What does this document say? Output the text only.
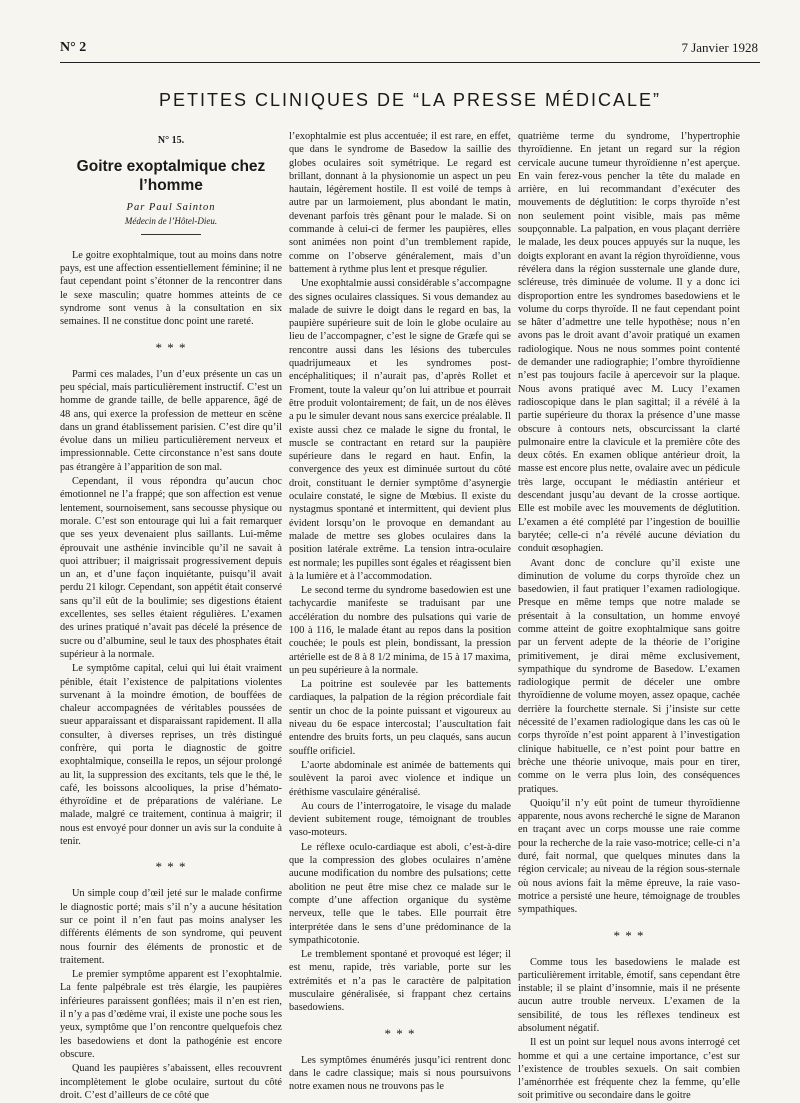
N° 2	7 Janvier 1928
PETITES CLINIQUES DE “LA PRESSE MÉDICALE”
N° 15.
Goitre exoptalmique chez l’homme
Par Paul Sainton
Médecin de l’Hôtel-Dieu.

Le goitre exophtalmique, tout au moins dans notre pays, est une affection essentiellement féminine; il ne faut cependant point s’étonner de la rencontrer dans le sexe masculin; quatre hommes atteints de ce syndrome sont venus à la consultation en six semaines. Il ne constitue donc point une rareté.

* * *

Parmi ces malades, l’un d’eux présente un cas un peu spécial, mais particulièrement instructif. C’est un homme de grande taille, de belle apparence, âgé de 48 ans, qui exerce la profession de metteur en scène dans un grand établissement parisien. C’est dire qu’il évolue dans un milieu particulièrement nerveux et impressionnable. Cette circonstance n’est sans doute pas étrangère à l’apparition de son mal.

Cependant, il vous répondra qu’aucun choc émotionnel ne l’a frappé; que son affection est venue lentement, sournoisement, sans secousse physique ou morale. C’est son entourage qui lui a fait remarquer que ses yeux devenaient plus saillants. Lui-même éprouvait une asthénie invincible qu’il ne savait à quoi attribuer; il maigrissait progressivement depuis un an, et d’une façon inquiétante, puisqu’il avait perdu 21 kilogr. Cependant, son appétit était conservé sans qu’il eût de la boulimie; ses digestions étaient excellentes, ses selles étaient régulières. L’examen des urines pratiqué n’avait pas décelé la présence de sucre ou d’albumine, seul le taux des phosphates était supérieur à la normale.

Le symptôme capital, celui qui lui était vraiment pénible, était l’existence de palpitations violentes survenant à la moindre émotion, de bouffées de chaleur accompagnées de véritables poussées de sueur apparaissant et disparaissant rapidement. Il alla consulter, à diverses reprises, un très distingué confrère, qui porta le diagnostic de goitre exophtalmique, conseilla le repos, un séjour prolongé au lit, la suppression des excitants, tels que le thé, le café, les boissons alcooliques, la prise d’hémato-éthyroïdine et de préparations de valériane. Le malade, malgré ce traitement, continua à maigrir; il nous est envoyé pour donner un avis sur la conduite à tenir.

* * *

Un simple coup d’œil jeté sur le malade confirme le diagnostic porté; mais s’il n’y a aucune hésitation sur ce point il n’en faut pas moins analyser les différents éléments de son syndrome, qui peuvent nous fournir des éléments de pronostic et de traitement.

Le premier symptôme apparent est l’exophtalmie. La fente palpébrale est très élargie, les paupières inférieures paraissent gonflées; mais il n’en est rien, il n’y a pas d’œdème vrai, il existe une poche sous les yeux, symptôme que l’on rencontre quelquefois chez les basedowiens et dont la pathogénie est encore obscure.

Quand les paupières s’abaissent, elles recouvrent incomplètement le globe oculaire, surtout du côté droit. C’est d’ailleurs de ce côté que

l’exophtalmie est plus accentuée; il est rare, en effet, que dans le syndrome de Basedow la saillie des globes oculaires soit symétrique. Le regard est brillant, donnant à la physionomie un aspect un peu hautain, légèrement hostile. Il est voilé de temps à autre par un larmoiement, plus abondant le matin, devenant parfois très gênant pour le malade. Si on commande à celui-ci de fermer les paupières, elles sont animées non point d’un tremblement rapide, comme on l’observe généralement, mais d’un battement à rythme plus lent et presque régulier.

Une exophtalmie aussi considérable s’accompagne des signes oculaires classiques. Si vous demandez au malade de suivre le doigt dans le regard en bas, la paupière supérieure suit de loin le globe oculaire au lieu de l’accompagner, c’est le signe de Græfe qui se rencontre aussi dans les lésions des tubercules quadrijumeaux et les syndromes post-encéphalitiques; il n’aurait pas, d’après Rollet et Froment, toute la valeur qu’on lui attribue et pourrait être produit volontairement; de fait, un de nos élèves a pu le simuler devant nous sans exercice préalable. Il existe aussi chez ce malade le signe du frontal, le muscle se contractant en retard sur la paupière supérieure dans le regard en haut. Enfin, la convergence des yeux est diminuée surtout du côté droit, constituant le dernier symptôme d’asynergie oculaire constaté, le signe de Mœbius. Il existe du nystagmus spontané et intermittent, qui devient plus évident lorsqu’on le provoque en demandant au malade de mettre ses globes oculaires dans la position latérale extrême. La tension intra-oculaire est normale; les pupilles sont égales et réagissent bien à la lumière et à l’accommodation.

Le second terme du syndrome basedowien est une tachycardie manifeste se traduisant par une accélération du nombre des pulsations qui varie de 100 à 116, le malade étant au repos dans la position couchée; le pouls est plein, bondissant, la pression artérielle est de 8 à 8 1/2 minima, de 15 à 17 maxima, un peu supérieure à la normale.

La poitrine est soulevée par les battements cardiaques, la palpation de la région précordiale fait sentir un choc de la pointe puissant et vigoureux au niveau du 6e espace intercostal; l’auscultation fait entendre des bruits forts, un peu claqués, sans aucun souffle orificiel.

L’aorte abdominale est animée de battements qui soulèvent la paroi avec violence et indique un éréthisme vasculaire généralisé.

Au cours de l’interrogatoire, le visage du malade devient subitement rouge, témoignant de troubles vaso-moteurs.

Le réflexe oculo-cardiaque est aboli, c’est-à-dire que la compression des globes oculaires n’amène aucune modification du nombre des pulsations; cette abolition ne peut être mise chez ce malade sur le compte d’une affection organique du système nerveux, telle que le tabes. Elle pourrait être interprétée dans le sens d’une prédominance de la sympathicotonie.

Le tremblement spontané et provoqué est léger; il est menu, rapide, très variable, porte sur les extrémités et n’a pas le caractère de palpitation musculaire généralisée, si frappant chez certains basedowiens.

* * *

Les symptômes énumérés jusqu’ici rentrent donc dans le cadre classique; mais si nous poursuivons notre examen nous ne trouvons pas le

quatrième terme du syndrome, l’hypertrophie thyroïdienne. En jetant un regard sur la région cervicale aucune tumeur thyroïdienne n’est aperçue. En vain ferez-vous pencher la tête du malade en arrière, en lui recommandant d’exécuter des mouvements de déglutition: le corps thyroïde n’est non seulement point visible, mais pas même soupçonnable. La palpation, en vous plaçant derrière le malade, les deux pouces appuyés sur la nuque, les doigts explorant en avant la région thyroïdienne, vous révélera dans la région sussternale une glande dure, scléreuse, très diminuée de volume. Il y a donc ici disproportion entre les syndromes basedowiens et le volume du corps thyroïde. Il ne faut cependant point se hâter d’admettre une telle hypothèse; nous n’en avons pas le droit avant d’avoir pratiqué un examen radiologique. Nous ne nous sommes point contenté de demander une radiographie; l’ombre thyroïdienne n’est pas toujours facile à apercevoir sur la plaque. Nous avons pratiqué avec M. Lucy l’examen radioscopique dans le plan sagittal; il a révélé à la partie supérieure du thorax la présence d’une masse obscure à contours nets, obscurcissant la clarté pulmonaire entre la clavicule et la première côte des deux côtés. En examen oblique antérieur droit, la masse est encore plus nette, ovalaire avec un pédicule très large, occupant le médiastin antérieur et descendant jusqu’au devant de la crosse aortique. Elle est mobile avec les mouvements de déglutition. L’examen a été complété par l’ingestion de bouillie barytée; celle-ci n’a révélé aucune déviation du conduit œsophagien.

Avant donc de conclure qu’il existe une diminution de volume du corps thyroïde chez un basedowien, il faut pratiquer l’examen radiologique. Presque en même temps que notre malade se présentait à la consultation, un homme envoyé comme atteint de goitre exophtalmique sans goitre par un fervent adepte de la théorie de l’origine primitivement, je dirai même exclusivement, sympathique du syndrome de Basedow. L’examen radiologique permit de déceler une ombre thyroïdienne de volume moyen, assez opaque, cachée derrière la fourchette sternale. Si j’insiste sur cette nécessité de l’examen radiologique dans les cas où le corps thyroïde n’est point apparent à l’investigation clinique habituelle, ce n’est point pour battre en brèche une théorie univoque, mais pour en tirer, comme on le verra plus loin, des conséquences pratiques.

Quoiqu’il n’y eût point de tumeur thyroïdienne apparente, nous avons recherché le signe de Maranon en traçant avec un corps mousse une raie comme pour la recherche de la raie vaso-motrice; celle-ci n’a duré, fait normal, que quelques minutes dans la région cervicale; au niveau de la région sous-sternale où nous avions fait la même épreuve, la raie vaso-motrice a persisté une heure, témoignage de troubles sympathiques.

* * *

Comme tous les basedowiens le malade est particulièrement irritable, émotif, sans cependant être instable; il se plaint d’insomnie, mais il ne présente aucun autre trouble nerveux. L’examen de la sensibilité, de tous les réflexes tendineux est absolument négatif.

Il est un point sur lequel nous avons interrogé cet homme et qui a une certaine importance, c’est sur l’existence de troubles sexuels. On sait combien l’aménorrhée est fréquente chez la femme, qu’elle soit primitive ou secondaire dans le goitre
